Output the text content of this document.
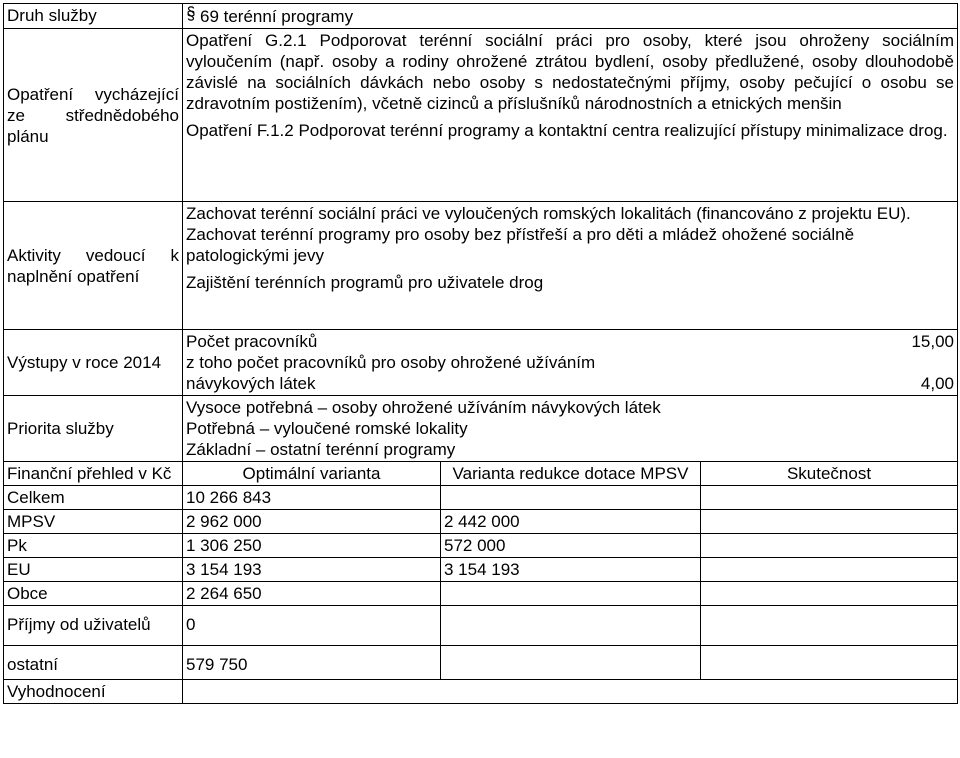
Druh služby	69 terénní programy		

Opatření vycházející ze střednědobého plánu	Opatření G.2.1 Podporovat terénní sociální práci pro osoby, které jsou ohroženy sociálním vyloučením (např. osoby a rodiny ohrožené ztrátou bydlení, osoby předlužené, osoby dlouhodobě závislé na sociálních dávkách nebo osoby s nedostatečnými příjmy, osoby pečující o osobu se zdravotním postižením), včetně cizinců a příslušníků národnostních a etnických menšin

Opatření F.1.2 Podporovat terénní programy a kontaktní centra realizující přístupy minimalizace drog.		

Aktivity vedoucí k naplnění opatření	Zachovat terénní sociální práci ve vyloučených romských lokalitách (financováno z projektu EU).

Zachovat terénní programy pro osoby bez přístřeší a pro děti a mládež ohožené sociálně patologickými jevy

Zajištění terénních programů pro uživatele drog		

Výstupy v roce 2014	Počet pracovníků 15,00
z toho počet pracovníků pro osoby ohrožené užíváním návykových látek 4,00		

Priorita služby	Vysoce potřebná – osoby ohrožené užíváním návykových látek
Potřebná – vyloučené romské lokality
Základní – ostatní terénní programy		

Finanční přehled v Kč	Optimální varianta	Varianta redukce dotace MPSV	Skutečnost
Celkem	10 266 843		
MPSV	2 962 000	2 442 000	
Pk	1 306 250	572 000	
EU	3 154 193	3 154 193	
Obce	2 264 650		
Příjmy od uživatelů	0		
ostatní	579 750		
Vyhodnocení			
